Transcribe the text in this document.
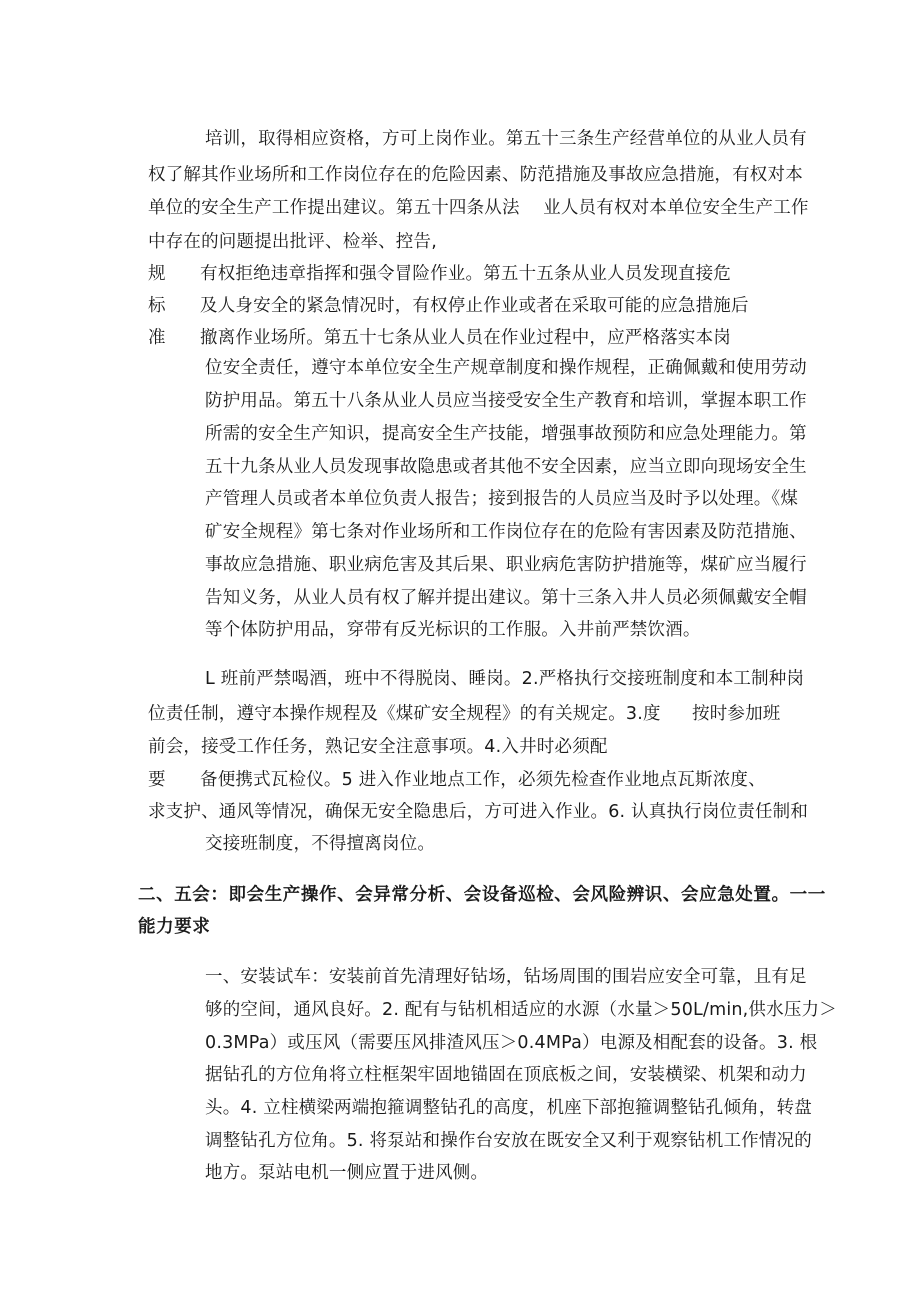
培训，取得相应资格，方可上岗作业。第五十三条生产经营单位的从业人员有
权了解其作业场所和工作岗位存在的危险因素、防范措施及事故应急措施，有权对本
单位的安全生产工作提出建议。第五十四条从法　 业人员有权对本单位安全生产工作
中存在的问题提出批评、检举、控告,
规 有权拒绝违章指挥和强令冒险作业。第五十五条从业人员发现直接危
标 及人身安全的紧急情况时，有权停止作业或者在采取可能的应急措施后
准 撤离作业场所。第五十七条从业人员在作业过程中，应严格落实本岗
位安全责任，遵守本单位安全生产规章制度和操作规程，正确佩戴和使用劳动
防护用品。第五十八条从业人员应当接受安全生产教育和培训，掌握本职工作
所需的安全生产知识，提高安全生产技能，增强事故预防和应急处理能力。第
五十九条从业人员发现事故隐患或者其他不安全因素，应当立即向现场安全生
产管理人员或者本单位负责人报告；接到报告的人员应当及时予以处理。《煤
矿安全规程》第七条对作业场所和工作岗位存在的危险有害因素及防范措施、
事故应急措施、职业病危害及其后果、职业病危害防护措施等，煤矿应当履行
告知义务，从业人员有权了解并提出建议。第十三条入井人员必须佩戴安全帽
等个体防护用品，穿带有反光标识的工作服。入井前严禁饮酒。
L 班前严禁喝酒，班中不得脱岗、睡岗。2.严格执行交接班制度和本工制种岗
位责任制，遵守本操作规程及《煤矿安全规程》的有关规定。3.度 按时参加班
前会，接受工作任务，熟记安全注意事项。4.入井时必须配
要 备便携式瓦检仪。5 进入作业地点工作，必须先检查作业地点瓦斯浓度、
求支护、通风等情况，确保无安全隐患后，方可进入作业。6. 认真执行岗位责任制和
交接班制度，不得擅离岗位。
二、五会：即会生产操作、会异常分析、会设备巡检、会风险辨识、会应急处置。一一
能力要求
一、安装试车：安装前首先清理好钻场，钻场周围的围岩应安全可靠，且有足
够的空间，通风良好。2. 配有与钻机相适应的水源（水量＞50L/min,供水压力＞
0.3MPa）或压风（需要压风排渣风压＞0.4MPa）电源及相配套的设备。3. 根
据钻孔的方位角将立柱框架牢固地锚固在顶底板之间，安装横梁、机架和动力
头。4. 立柱横梁两端抱箍调整钻孔的高度，机座下部抱箍调整钻孔倾角，转盘
调整钻孔方位角。5. 将泵站和操作台安放在既安全又利于观察钻机工作情况的
地方。泵站电机一侧应置于进风侧。
